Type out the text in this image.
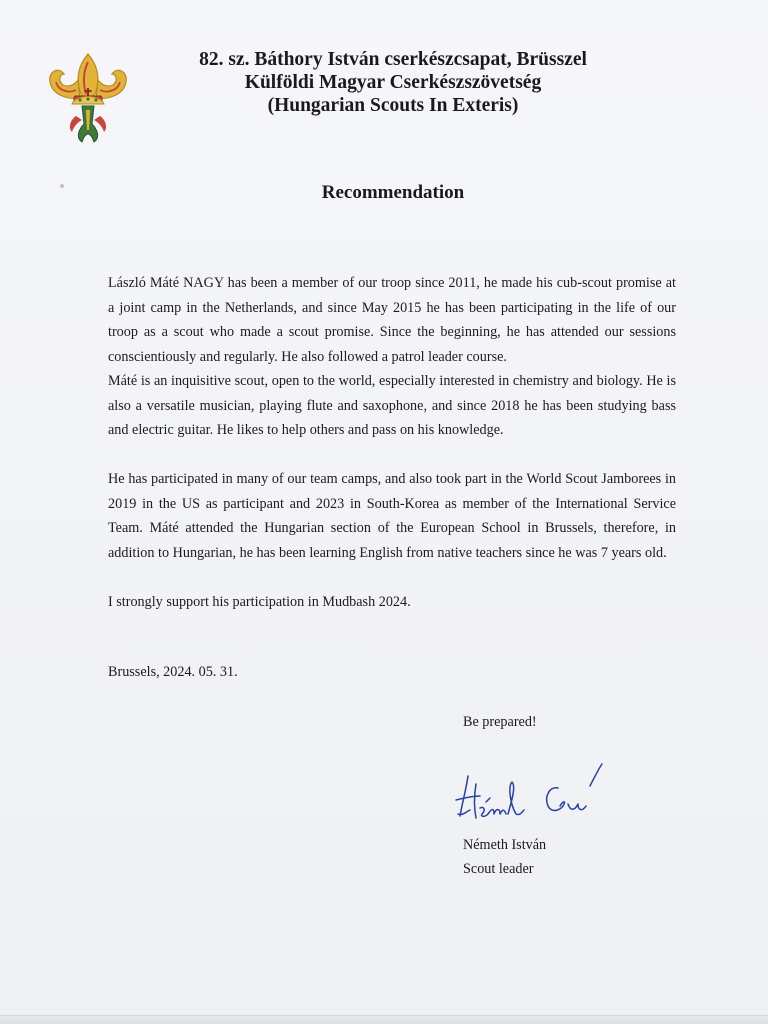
82. sz. Báthory István cserkészcsapat, Brüsszel
Külföldi Magyar Cserkészszövetség
(Hungarian Scouts In Exteris)
Recommendation

László Máté NAGY has been a member of our troop since 2011, he made his cub-scout promise at a joint camp in the Netherlands, and since May 2015 he has been participating in the life of our troop as a scout who made a scout promise. Since the beginning, he has attended our sessions conscientiously and regularly. He also followed a patrol leader course.

Máté is an inquisitive scout, open to the world, especially interested in chemistry and biology. He is also a versatile musician, playing flute and saxophone, and since 2018 he has been studying bass and electric guitar. He likes to help others and pass on his knowledge.

He has participated in many of our team camps, and also took part in the World Scout Jamborees in 2019 in the US as participant and 2023 in South-Korea as member of the International Service Team. Máté attended the Hungarian section of the European School in Brussels, therefore, in addition to Hungarian, he has been learning English from native teachers since he was 7 years old.

I strongly support his participation in Mudbash 2024.

Brussels, 2024. 05. 31.
Be prepared!
Németh István
Scout leader
